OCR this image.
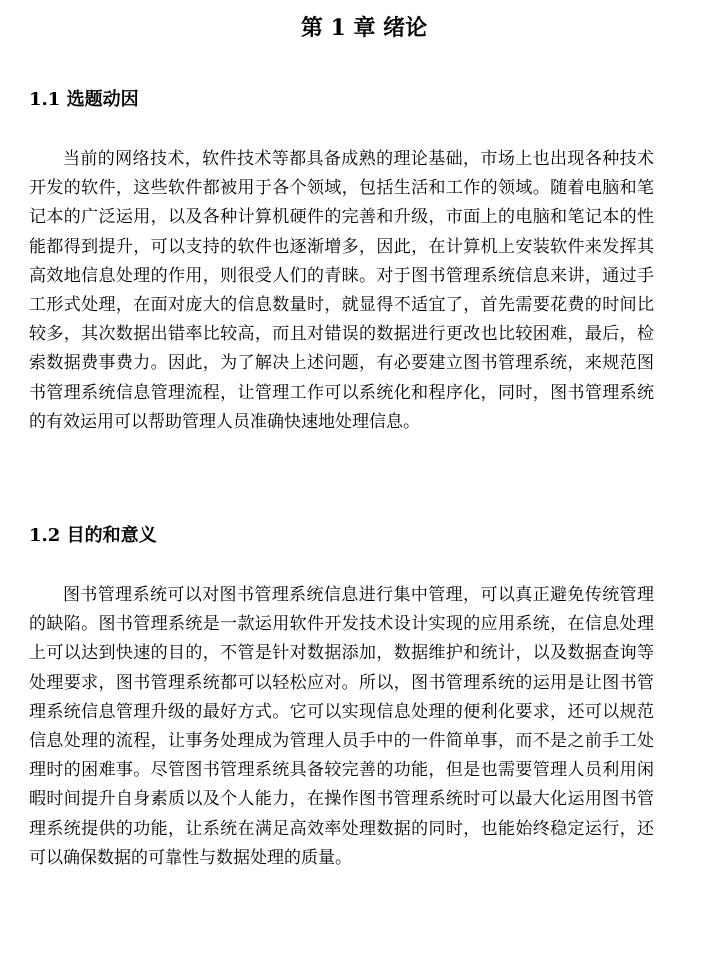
第 1 章 绪论
1.1 选题动因

当前的网络技术，软件技术等都具备成熟的理论基础，市场上也出现各种技术开发的软件，这些软件都被用于各个领域，包括生活和工作的领域。随着电脑和笔记本的广泛运用，以及各种计算机硬件的完善和升级，市面上的电脑和笔记本的性能都得到提升，可以支持的软件也逐渐增多，因此，在计算机上安装软件来发挥其高效地信息处理的作用，则很受人们的青睐。对于图书管理系统信息来讲，通过手工形式处理，在面对庞大的信息数量时，就显得不适宜了，首先需要花费的时间比较多，其次数据出错率比较高，而且对错误的数据进行更改也比较困难，最后，检索数据费事费力。因此，为了解决上述问题，有必要建立图书管理系统，来规范图书管理系统信息管理流程，让管理工作可以系统化和程序化，同时，图书管理系统的有效运用可以帮助管理人员准确快速地处理信息。

1.2 目的和意义

图书管理系统可以对图书管理系统信息进行集中管理，可以真正避免传统管理的缺陷。图书管理系统是一款运用软件开发技术设计实现的应用系统，在信息处理上可以达到快速的目的，不管是针对数据添加，数据维护和统计，以及数据查询等处理要求，图书管理系统都可以轻松应对。所以，图书管理系统的运用是让图书管理系统信息管理升级的最好方式。它可以实现信息处理的便利化要求，还可以规范信息处理的流程，让事务处理成为管理人员手中的一件简单事，而不是之前手工处理时的困难事。尽管图书管理系统具备较完善的功能，但是也需要管理人员利用闲暇时间提升自身素质以及个人能力，在操作图书管理系统时可以最大化运用图书管理系统提供的功能，让系统在满足高效率处理数据的同时，也能始终稳定运行，还可以确保数据的可靠性与数据处理的质量。
